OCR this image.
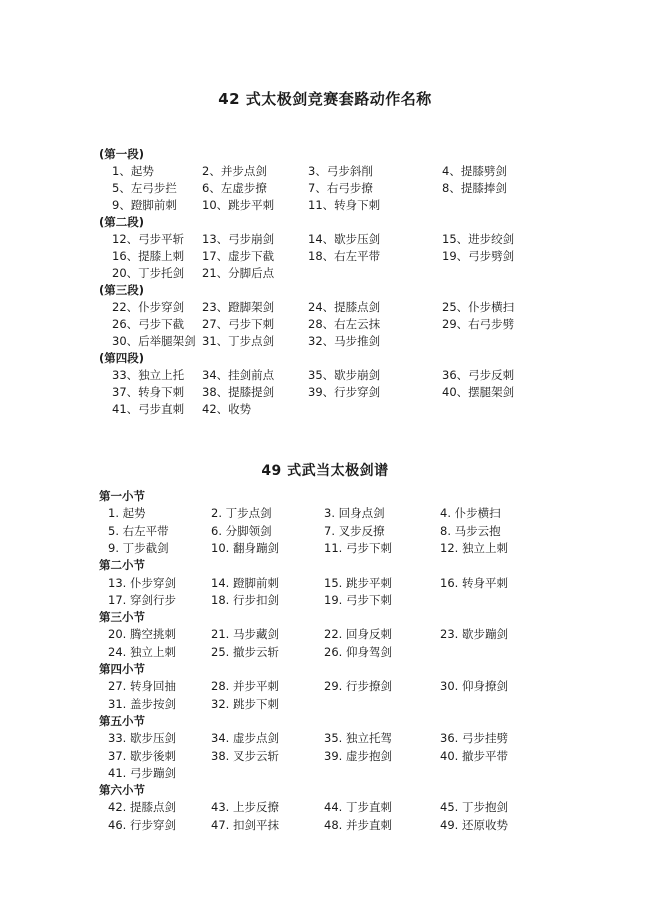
42 式太极剑竞赛套路动作名称
(第一段)
1、起势	2、并步点剑	3、弓步斜削	4、提膝劈剑
5、左弓步拦 6、左虚步撩	7、右弓步撩	8、提膝捧剑
9、蹬脚前刺 10、跳步平刺	11、转身下刺
(第二段)
12、弓步平斩 13、弓步崩剑	14、歇步压剑	15、进步绞剑
16、提膝上刺 17、虚步下截	18、右左平带	19、弓步劈剑
20、丁步托剑 21、分脚后点
(第三段)
22、仆步穿剑 23、蹬脚架剑	24、提膝点剑	25、仆步横扫
26、弓步下截 27、弓步下刺	28、右左云抹	29、右弓步劈
30、后举腿架剑 31、丁步点剑	32、马步推剑
(第四段)
33、独立上托 34、挂剑前点	35、歇步崩剑	36、弓步反刺
37、转身下刺 38、提膝提剑	39、行步穿剑	40、摆腿架剑
41、弓步直刺 42、收势
49 式武当太极剑谱
第一小节
1. 起势	2. 丁步点剑	3. 回身点剑	4. 仆步横扫
5. 右左平带	6. 分脚领剑	7. 叉步反撩	8. 马步云抱
9. 丁步截剑	10. 翻身蹦剑	11. 弓步下刺	12. 独立上刺
第二小节
13. 仆步穿剑	14. 蹬脚前刺	15. 跳步平刺	16. 转身平刺
17. 穿剑行步	18. 行步扣剑	19. 弓步下刺
第三小节
20. 腾空挑刺	21. 马步藏剑	22. 回身反刺	23. 歇步蹦剑
24. 独立上刺	25. 撤步云斩	26. 仰身驾剑
第四小节
27. 转身回抽	28. 并步平刺	29. 行步撩剑	30. 仰身撩剑
31. 盖步按剑	32. 跳步下刺
第五小节
33. 歇步压剑	34. 虚步点剑	35. 独立托驾	36. 弓步挂劈
37. 歇步後刺	38. 叉步云斩	39. 虚步抱剑	40. 撤步平带
41. 弓步蹦剑
第六小节
42. 提膝点剑	43. 上步反撩	44. 丁步直刺	45. 丁步抱剑
46. 行步穿剑	47. 扣剑平抹	48. 并步直刺	49. 还原收势
